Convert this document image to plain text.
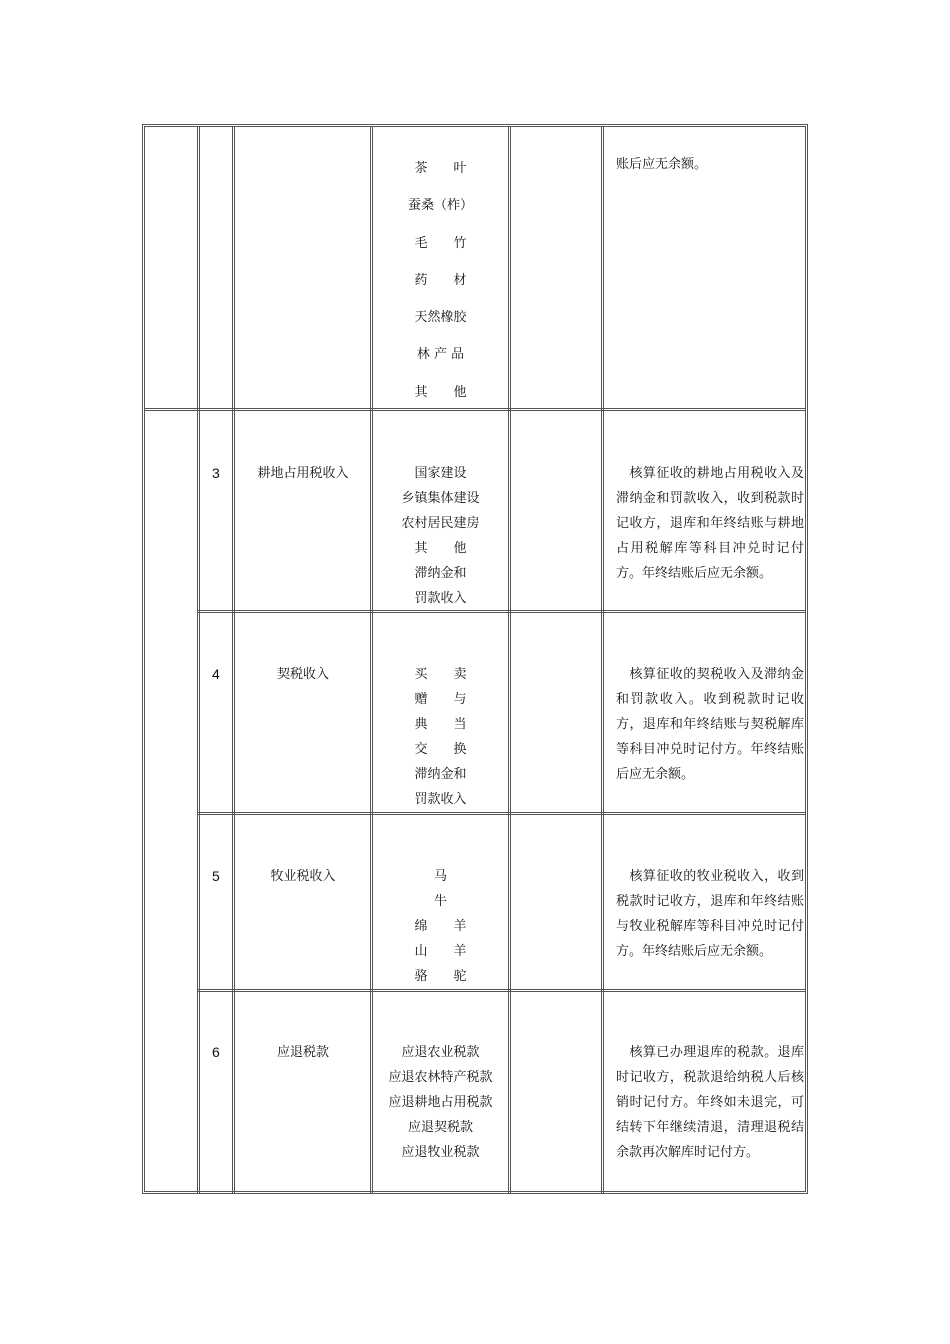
茶　　叶
蚕桑（柞）
毛　　竹
药　　材
天然橡胶
林 产 品
其　　他
账后应无余额。
3	耕地占用税收入	国家建设
乡镇集体建设
农村居民建房
其　　他
滞纳金和
罚款收入
　核算征收的耕地占用税收入及滞纳金和罚款收入，收到税款时记收方，退库和年终结账与耕地占用税解库等科目冲兑时记付方。年终结账后应无余额。
4	契税收入	买　　卖
赠　　与
典　　当
交　　换
滞纳金和
罚款收入
　核算征收的契税收入及滞纳金和罚款收入。收到税款时记收方，退库和年终结账与契税解库等科目冲兑时记付方。年终结账后应无余额。
5	牧业税收入	马
牛
绵　　羊
山　　羊
骆　　驼
　核算征收的牧业税收入，收到税款时记收方，退库和年终结账与牧业税解库等科目冲兑时记付方。年终结账后应无余额。
6	应退税款	应退农业税款
应退农林特产税款
应退耕地占用税款
应退契税款
应退牧业税款
　核算已办理退库的税款。退库时记收方，税款退给纳税人后核销时记付方。年终如未退完，可结转下年继续清退，清理退税结余款再次解库时记付方。
